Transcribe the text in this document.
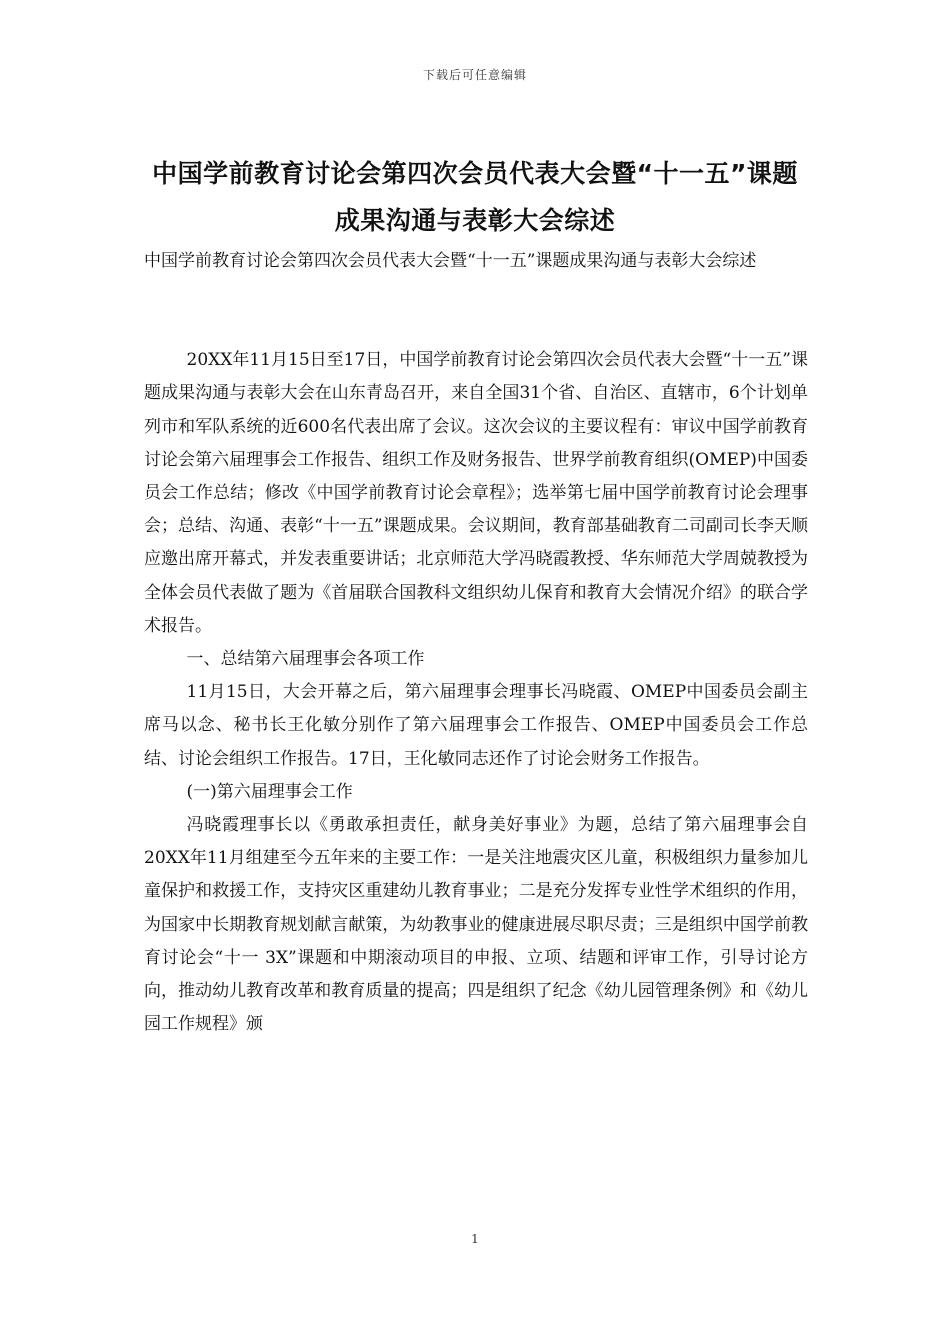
下载后可任意编辑
中国学前教育讨论会第四次会员代表大会暨“十一五”课题成果沟通与表彰大会综述

中国学前教育讨论会第四次会员代表大会暨“十一五”课题成果沟通与表彰大会综述

20XX年11月15日至17日，中国学前教育讨论会第四次会员代表大会暨“十一五”课题成果沟通与表彰大会在山东青岛召开，来自全国31个省、自治区、直辖市，6个计划单列市和军队系统的近600名代表出席了会议。这次会议的主要议程有：审议中国学前教育讨论会第六届理事会工作报告、组织工作及财务报告、世界学前教育组织(OMEP)中国委员会工作总结；修改《中国学前教育讨论会章程》；选举第七届中国学前教育讨论会理事会；总结、沟通、表彰“十一五”课题成果。会议期间，教育部基础教育二司副司长李天顺应邀出席开幕式，并发表重要讲话；北京师范大学冯晓霞教授、华东师范大学周兢教授为全体会员代表做了题为《首届联合国教科文组织幼儿保育和教育大会情况介绍》的联合学术报告。

一、总结第六届理事会各项工作

11月15日，大会开幕之后，第六届理事会理事长冯晓霞、OMEP中国委员会副主席马以念、秘书长王化敏分别作了第六届理事会工作报告、OMEP中国委员会工作总结、讨论会组织工作报告。17日，王化敏同志还作了讨论会财务工作报告。

(一)第六届理事会工作

冯晓霞理事长以《勇敢承担责任，献身美好事业》为题，总结了第六届理事会自20XX年11月组建至今五年来的主要工作：一是关注地震灾区儿童，积极组织力量参加儿童保护和救援工作，支持灾区重建幼儿教育事业；二是充分发挥专业性学术组织的作用，为国家中长期教育规划献言献策，为幼教事业的健康进展尽职尽责；三是组织中国学前教育讨论会“十一 3X”课题和中期滚动项目的申报、立项、结题和评审工作，引导讨论方向，推动幼儿教育改革和教育质量的提高；四是组织了纪念《幼儿园管理条例》和《幼儿园工作规程》颁

1
